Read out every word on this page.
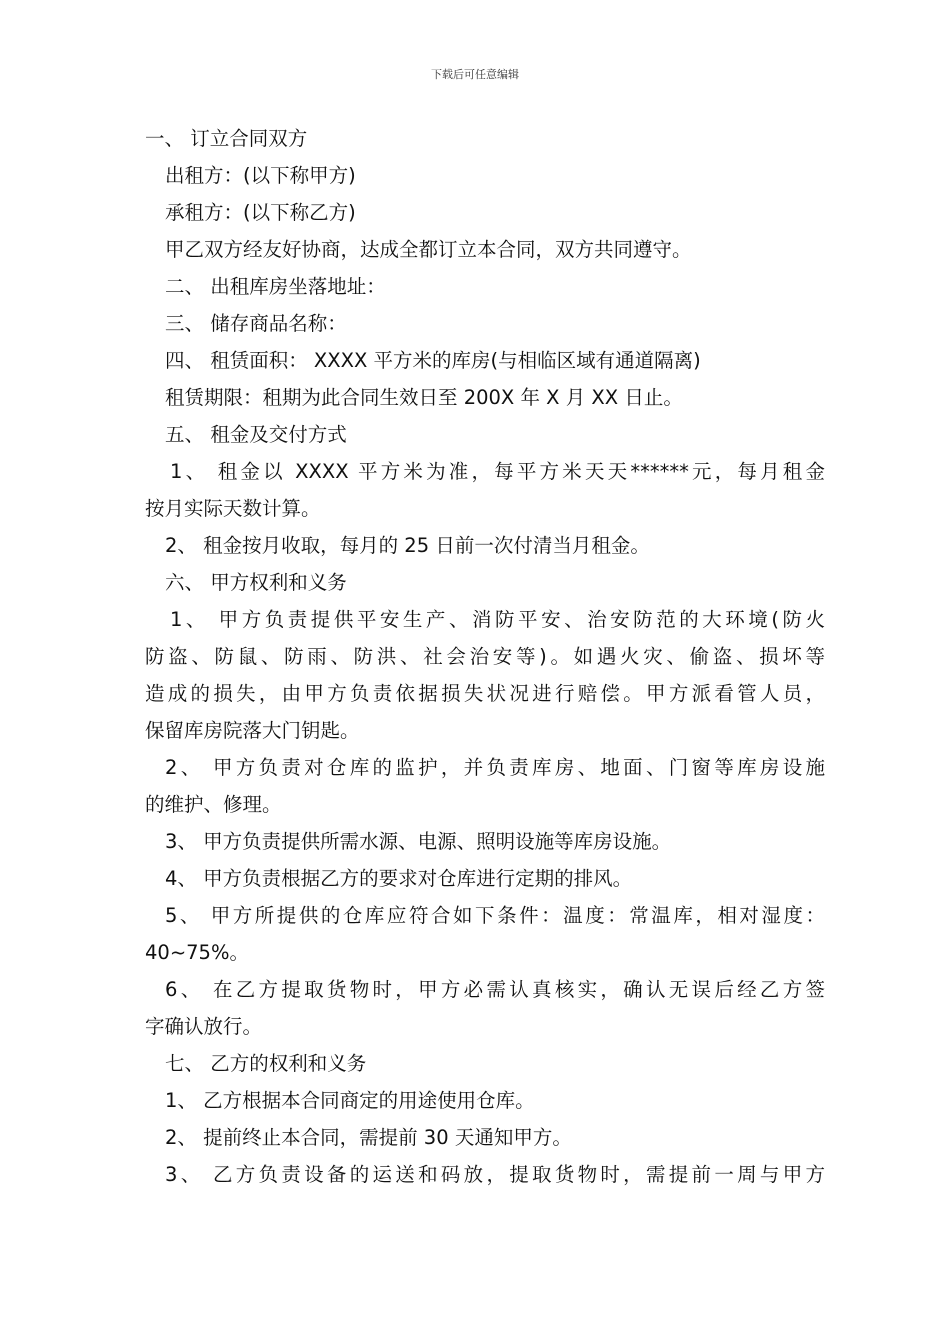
下载后可任意编辑

一、 订立合同双方

出租方：(以下称甲方)

承租方：(以下称乙方)

甲乙双方经友好协商，达成全都订立本合同，双方共同遵守。

二、 出租库房坐落地址：

三、 储存商品名称：

四、 租赁面积： XXXX 平方米的库房(与相临区域有通道隔离)

租赁期限：租期为此合同生效日至 200X 年 X 月 XX 日止。

五、 租金及交付方式

1、 租金以 XXXX 平方米为准，每平方米天天******元，每月租金

按月实际天数计算。

2、 租金按月收取，每月的 25 日前一次付清当月租金。

六、 甲方权利和义务

1、 甲方负责提供平安生产、消防平安、治安防范的大环境(防火

防盗、防鼠、防雨、防洪、社会治安等)。如遇火灾、偷盗、损坏等

造成的损失，由甲方负责依据损失状况进行赔偿。甲方派看管人员，

保留库房院落大门钥匙。

2、 甲方负责对仓库的监护，并负责库房、地面、门窗等库房设施

的维护、修理。

3、 甲方负责提供所需水源、电源、照明设施等库房设施。

4、 甲方负责根据乙方的要求对仓库进行定期的排风。

5、 甲方所提供的仓库应符合如下条件：温度：常温库，相对湿度：

40~75%。

6、 在乙方提取货物时，甲方必需认真核实，确认无误后经乙方签

字确认放行。

七、 乙方的权利和义务

1、 乙方根据本合同商定的用途使用仓库。

2、 提前终止本合同，需提前 30 天通知甲方。

3、 乙方负责设备的运送和码放，提取货物时，需提前一周与甲方
